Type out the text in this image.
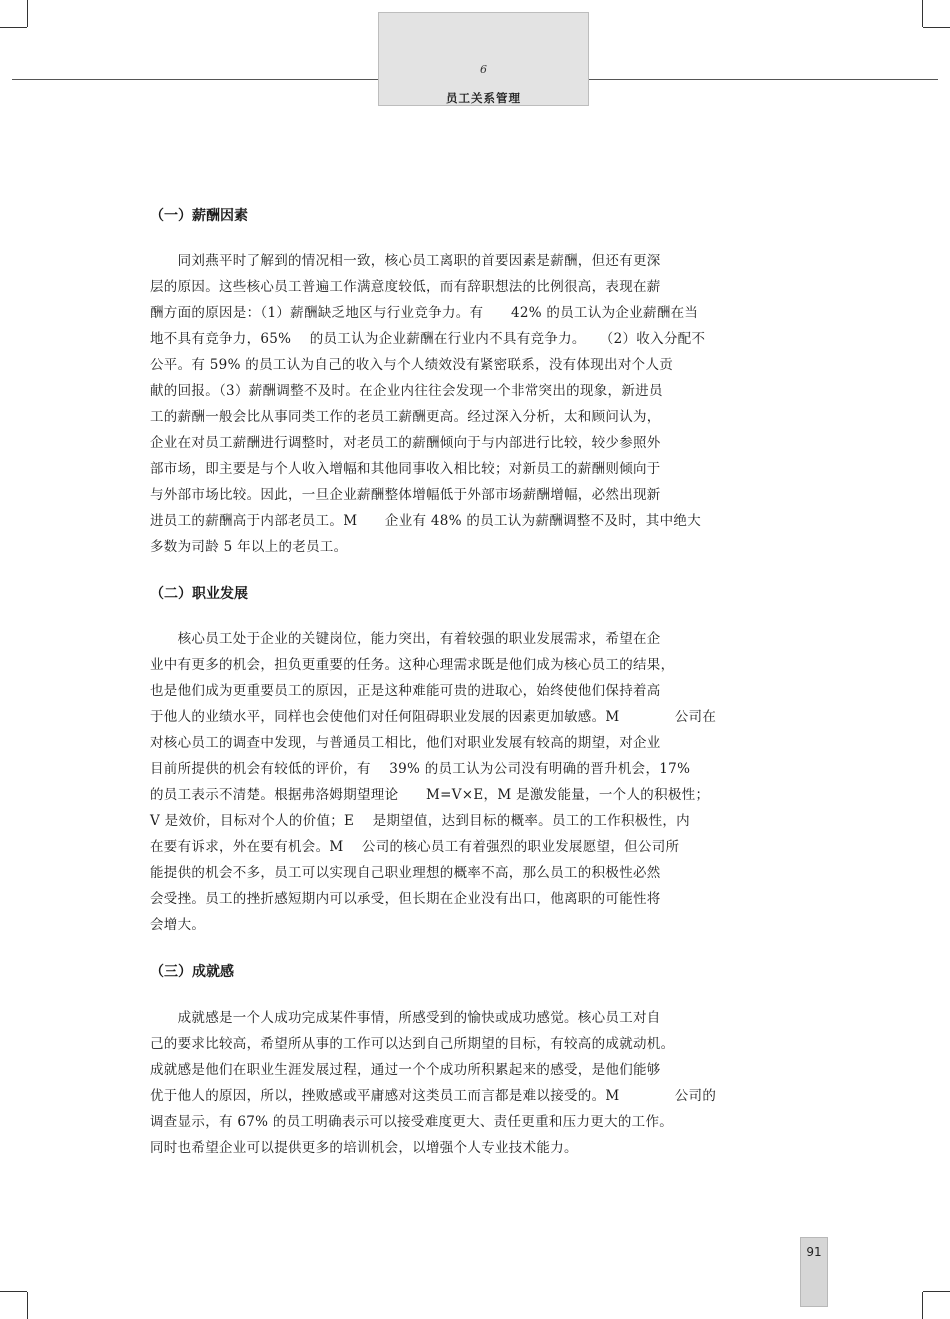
6
员工关系管理
（一）薪酬因素
　　同刘燕平时了解到的情况相一致，核心员工离职的首要因素是薪酬，但还有更深
层的原因。这些核心员工普遍工作满意度较低，而有辞职想法的比例很高，表现在薪
酬方面的原因是：（1）薪酬缺乏地区与行业竞争力。有　　42% 的员工认为企业薪酬在当
地不具有竞争力，65%　 的员工认为企业薪酬在行业内不具有竞争力。　　（2）收入分配不
公平。有 59% 的员工认为自己的收入与个人绩效没有紧密联系，没有体现出对个人贡
献的回报。（3）薪酬调整不及时。在企业内往往会发现一个非常突出的现象，新进员
工的薪酬一般会比从事同类工作的老员工薪酬更高。经过深入分析，太和顾问认为，
企业在对员工薪酬进行调整时，对老员工的薪酬倾向于与内部进行比较，较少参照外
部市场，即主要是与个人收入增幅和其他同事收入相比较；对新员工的薪酬则倾向于
与外部市场比较。因此，一旦企业薪酬整体增幅低于外部市场薪酬增幅，必然出现新
进员工的薪酬高于内部老员工。M　　企业有 48% 的员工认为薪酬调整不及时，其中绝大
多数为司龄 5 年以上的老员工。
（二）职业发展
　　核心员工处于企业的关键岗位，能力突出，有着较强的职业发展需求，希望在企
业中有更多的机会，担负更重要的任务。这种心理需求既是他们成为核心员工的结果，
也是他们成为更重要员工的原因，正是这种难能可贵的进取心，始终使他们保持着高
于他人的业绩水平，同样也会使他们对任何阻碍职业发展的因素更加敏感。M　　　　公司在
对核心员工的调查中发现，与普通员工相比，他们对职业发展有较高的期望，对企业
目前所提供的机会有较低的评价，有　 39% 的员工认为公司没有明确的晋升机会，17%
的员工表示不清楚。根据弗洛姆期望理论　　M=V×E，M 是激发能量，一个人的积极性；
V 是效价，目标对个人的价值；E　 是期望值，达到目标的概率。员工的工作积极性，内
在要有诉求，外在要有机会。M　 公司的核心员工有着强烈的职业发展愿望，但公司所
能提供的机会不多，员工可以实现自己职业理想的概率不高，那么员工的积极性必然
会受挫。员工的挫折感短期内可以承受，但长期在企业没有出口，他离职的可能性将
会增大。
（三）成就感
　　成就感是一个人成功完成某件事情，所感受到的愉快或成功感觉。核心员工对自
己的要求比较高，希望所从事的工作可以达到自己所期望的目标，有较高的成就动机。
成就感是他们在职业生涯发展过程，通过一个个成功所积累起来的感受，是他们能够
优于他人的原因，所以，挫败感或平庸感对这类员工而言都是难以接受的。M　　　　公司的
调查显示，有 67% 的员工明确表示可以接受难度更大、责任更重和压力更大的工作。
同时也希望企业可以提供更多的培训机会，以增强个人专业技术能力。
91
